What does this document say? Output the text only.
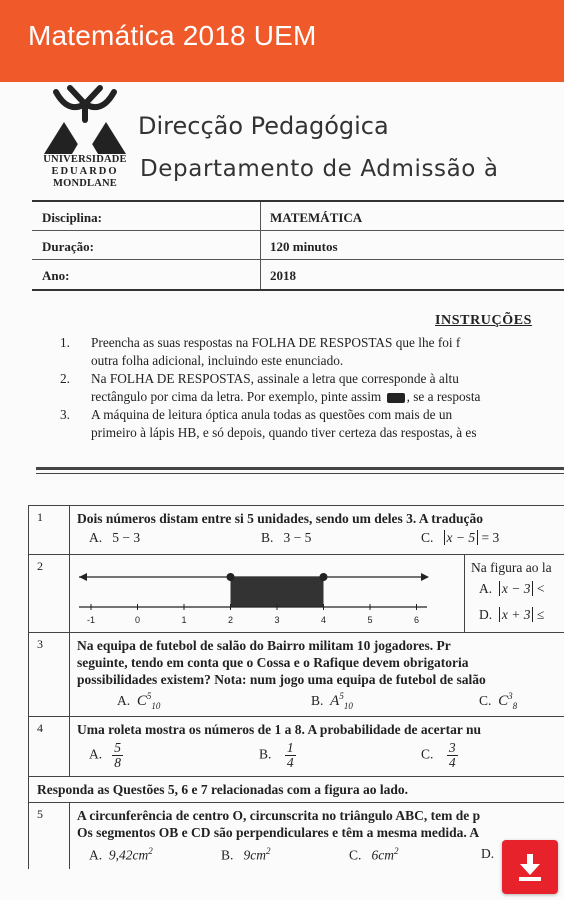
Matemática 2018 UEM
UNIVERSIDADE
EDUARDO
MONDLANE
Direcção Pedagógica
Departamento de Admissão à
Disciplina:	MATEMÁTICA
Duração:	120 minutos
Ano:	2018
INSTRUÇÕES
1. Preencha as suas respostas na FOLHA DE RESPOSTAS que lhe foi f
outra folha adicional, incluindo este enunciado.
2. Na FOLHA DE RESPOSTAS, assinale a letra que corresponde à altu
rectângulo por cima da letra. Por exemplo, pinte assim , se a resposta
3. A máquina de leitura óptica anula todas as questões com mais de un
primeiro à lápis HB, e só depois, quando tiver certeza das respostas, à es
1	Dois números distam entre si 5 unidades, sendo um deles 3. A tradução
A. 5 − 3	B. 3 − 5	C. x − 5 = 3
2
-1	0	1	2	3	4	5	6
Na figura ao la
A. x − 3 <
D. x + 3 ≤
3	Na equipa de futebol de salão do Bairro militam 10 jogadores. Pr
seguinte, tendo em conta que o Cossa e o Rafique devem obrigatoria
possibilidades existem? Nota: num jogo uma equipa de futebol de salão
A. $C^5_{10}$	B. $A^5_{10}$	C. $C^3_8$
4	Uma roleta mostra os números de 1 a 8. A probabilidade de acertar nu
A. $\frac{5}{8}$	B. $\frac{1}{4}$	C. $\frac{3}{4}$
Responda as Questões 5, 6 e 7 relacionadas com a figura ao lado.
5	A circunferência de centro O, circunscrita no triângulo ABC, tem de p
Os segmentos OB e CD são perpendiculares e têm a mesma medida. A
A. $9,42cm^2$	B. $9cm^2$	C. $6cm^2$	D.
